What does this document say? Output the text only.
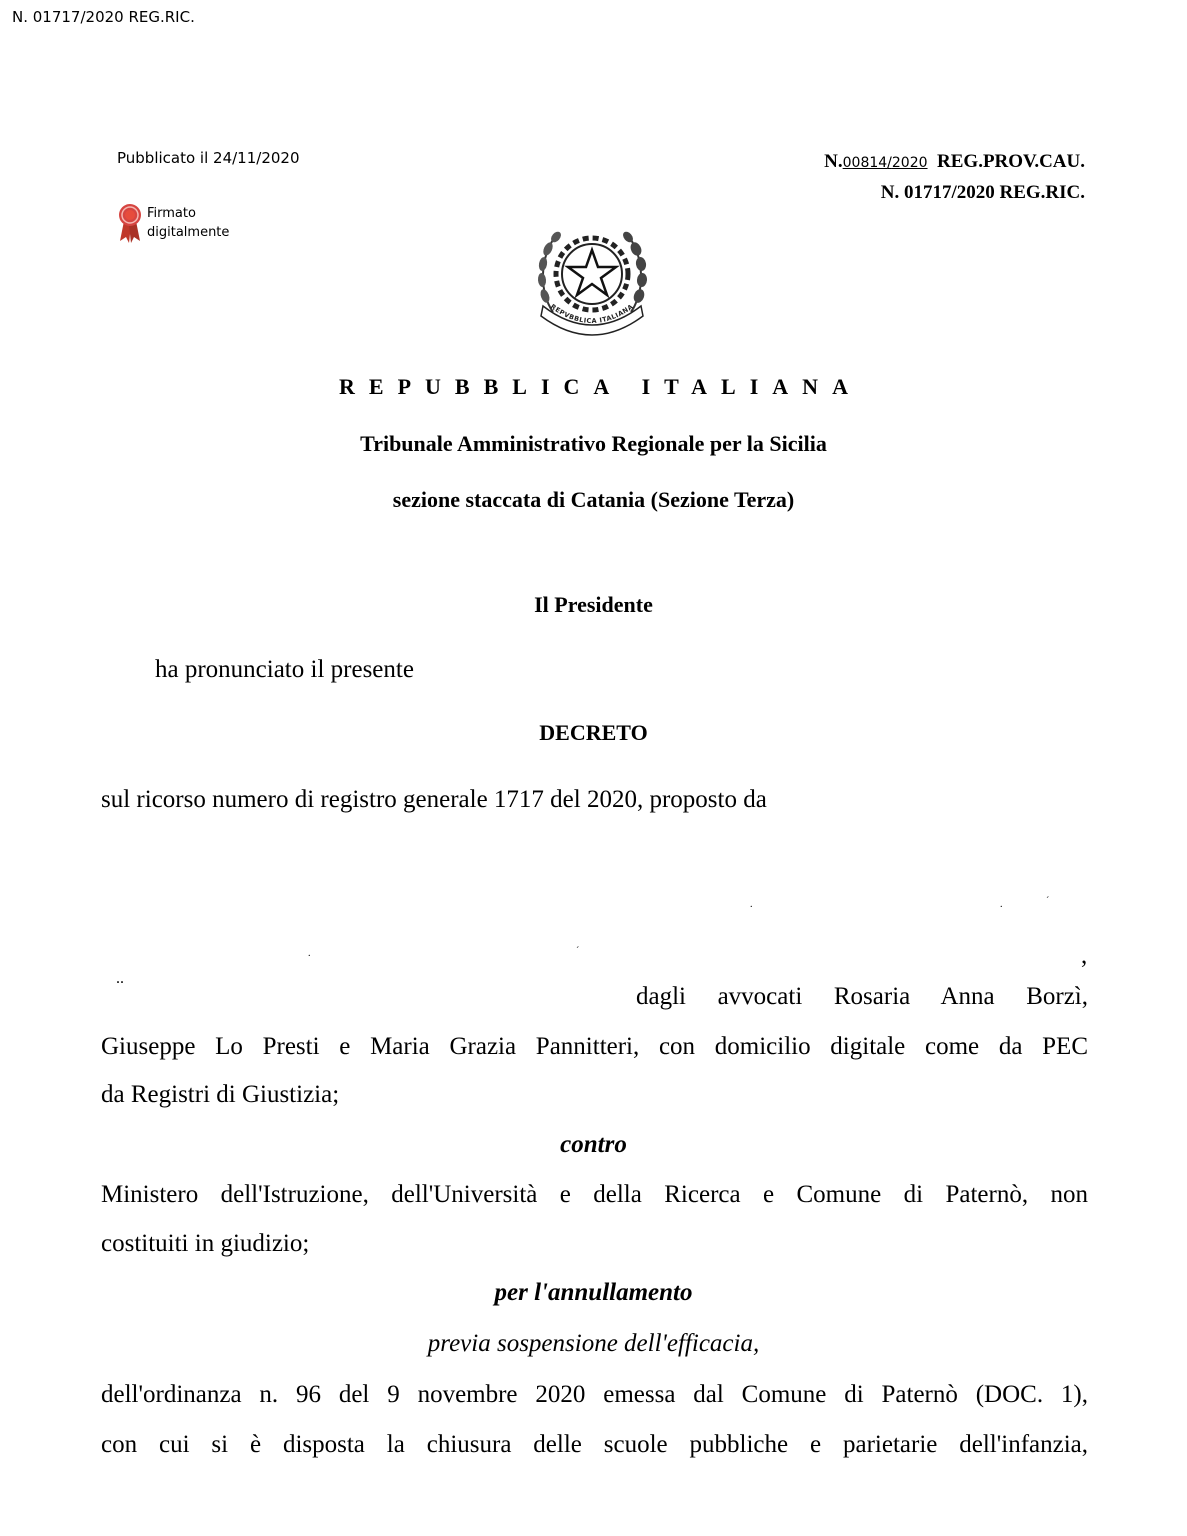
N. 01717/2020 REG.RIC.
Pubblicato il 24/11/2020	N.00814/2020 REG.PROV.CAU.
N. 01717/2020 REG.RIC.
Firmato
digitalmente
REPVBBLICA ITALIANA
REPUBBLICA ITALIANA
Tribunale Amministrativo Regionale per la Sicilia
sezione staccata di Catania (Sezione Terza)
Il Presidente
ha pronunciato il presente
DECRETO
sul ricorso numero di registro generale 1717 del 2020, proposto da
.	.	´
.	´	,
..
dagli avvocati Rosaria Anna Borzì,
Giuseppe Lo Presti e Maria Grazia Pannitteri, con domicilio digitale come da PEC
da Registri di Giustizia;
contro
Ministero dell'Istruzione, dell'Università e della Ricerca e Comune di Paternò, non
costituiti in giudizio;
per l'annullamento
previa sospensione dell'efficacia,
dell'ordinanza n. 96 del 9 novembre 2020 emessa dal Comune di Paternò (DOC. 1),
con cui si è disposta la chiusura delle scuole pubbliche e parietarie dell'infanzia,
